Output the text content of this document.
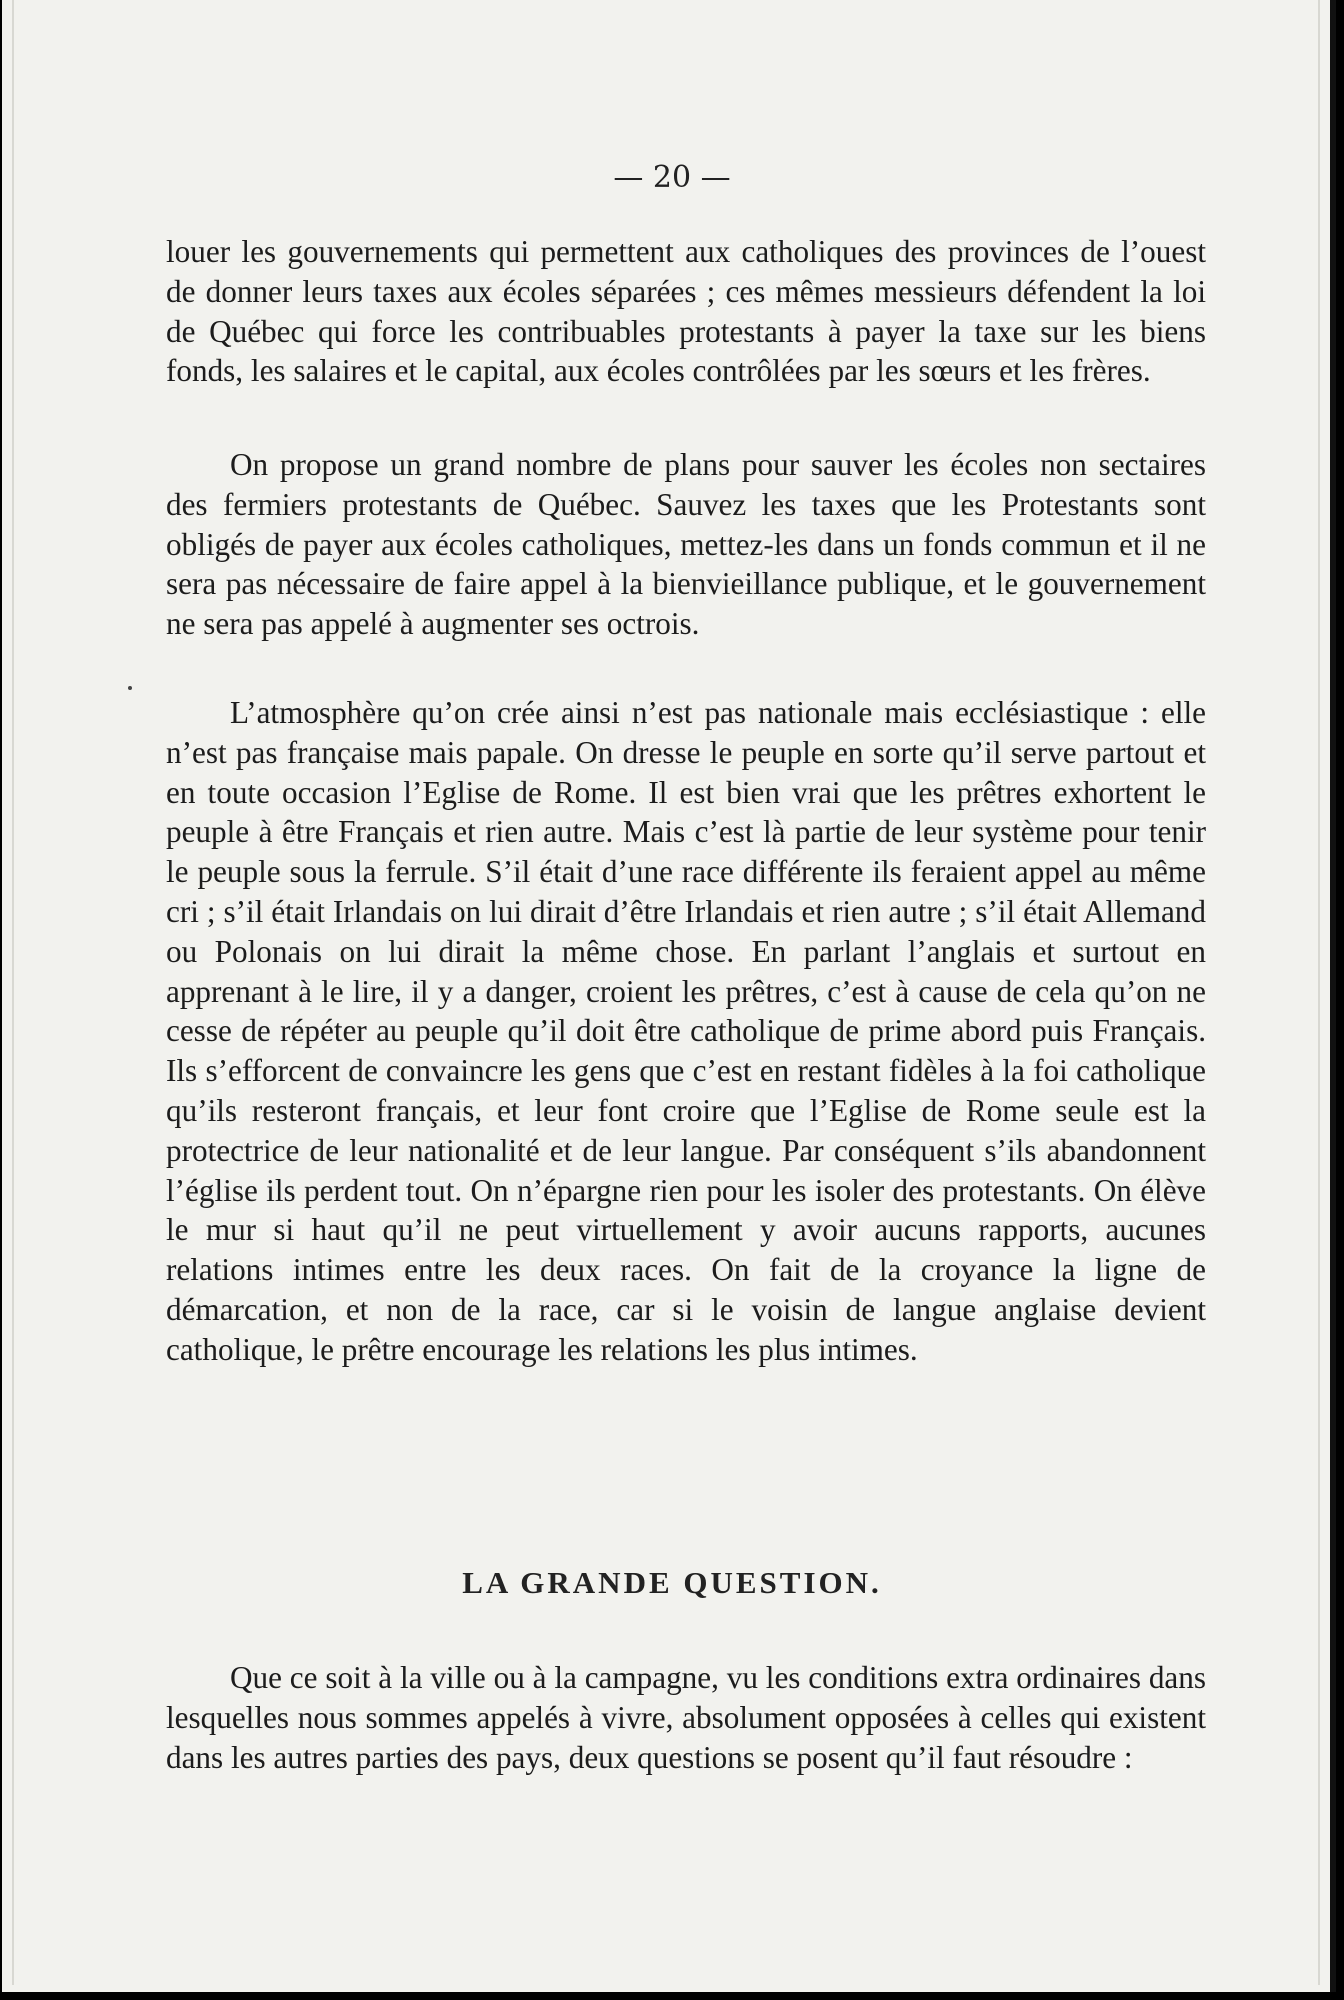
— 20 —

louer les gouvernements qui permettent aux catholiques des provinces de l’ouest de donner leurs taxes aux écoles séparées ; ces mêmes messieurs défendent la loi de Québec qui force les contribuables protestants à payer la taxe sur les biens fonds, les salaires et le capital, aux écoles contrôlées par les sœurs et les frères.

On propose un grand nombre de plans pour sauver les écoles non sectaires des fermiers protestants de Québec. Sauvez les taxes que les Protestants sont obligés de payer aux écoles catholiques, mettez-les dans un fonds commun et il ne sera pas nécessaire de faire appel à la bienvieillance publique, et le gouvernement ne sera pas appelé à augmenter ses octrois.

L’atmosphère qu’on crée ainsi n’est pas nationale mais ecclésiastique : elle n’est pas française mais papale. On dresse le peuple en sorte qu’il serve partout et en toute occasion l’Eglise de Rome. Il est bien vrai que les prêtres exhortent le peuple à être Français et rien autre. Mais c’est là partie de leur système pour tenir le peuple sous la ferrule. S’il était d’une race différente ils feraient appel au même cri ; s’il était Irlandais on lui dirait d’être Irlandais et rien autre ; s’il était Allemand ou Polonais on lui dirait la même chose. En parlant l’anglais et surtout en apprenant à le lire, il y a danger, croient les prêtres, c’est à cause de cela qu’on ne cesse de répéter au peuple qu’il doit être catholique de prime abord puis Français. Ils s’efforcent de convaincre les gens que c’est en restant fidèles à la foi catholique qu’ils resteront français, et leur font croire que l’Eglise de Rome seule est la protectrice de leur nationalité et de leur langue. Par conséquent s’ils abandonnent l’église ils perdent tout. On n’épargne rien pour les isoler des protestants. On élève le mur si haut qu’il ne peut virtuellement y avoir aucuns rapports, aucunes relations intimes entre les deux races. On fait de la croyance la ligne de démarcation, et non de la race, car si le voisin de langue anglaise devient catholique, le prêtre encourage les relations les plus intimes.

LA GRANDE QUESTION.

Que ce soit à la ville ou à la campagne, vu les conditions extra ordinaires dans lesquelles nous sommes appelés à vivre, absolument opposées à celles qui existent dans les autres parties des pays, deux questions se posent qu’il faut résoudre :
